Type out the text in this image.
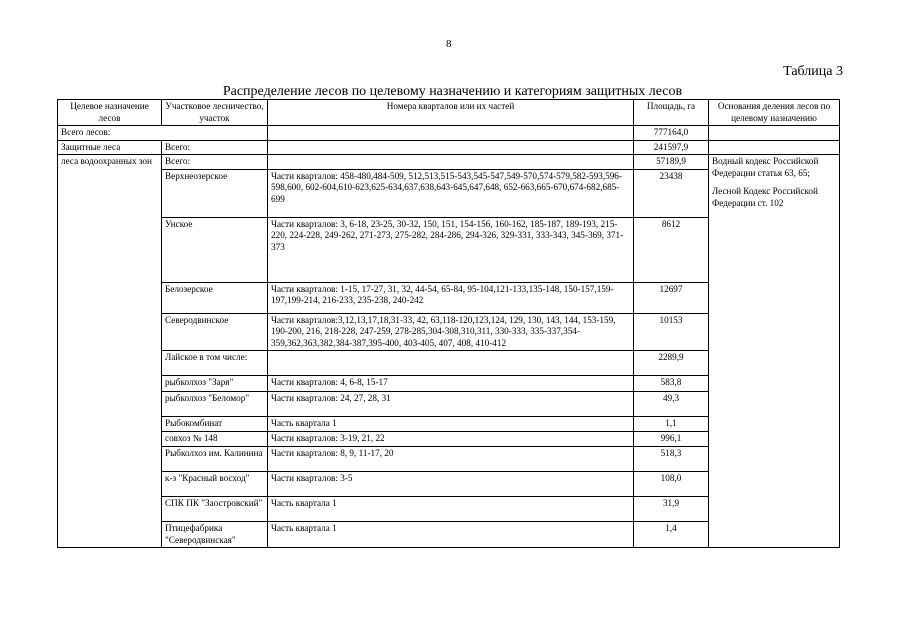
8
Таблица 3
Распределение лесов по целевому назначению и категориям защитных лесов
Целевое назначение лесов	Участковое лесничество, участок	Номера кварталов или их частей	Площадь, га	Основания деления лесов по целевому назначению
Всего лесов:			777164,0	
Защитные леса	Всего:		241597,9	
леса водоохранных зон	Всего:		57189,9	Водный кодекс Российской Федерации статья 63, 65;

Лесной Кодекс Российской Федерации ст. 102

	Верхнеозерское	Части кварталов: 458-480,484-509, 512,513,515-543,545-547,549-570,574-579,582-593,596-598,600, 602-604,610-623,625-634,637,638,643-645,647,648, 652-663,665-670,674-682,685-699	23438	
	Унское	Части кварталов: 3, 6-18, 23-25, 30-32, 150, 151, 154-156, 160-162, 185-187, 189-193, 215-220, 224-228, 249-262, 271-273, 275-282, 284-286, 294-326, 329-331, 333-343, 345-369, 371-373	8612	
	Белозерское	Части кварталов: 1-15, 17-27, 31, 32, 44-54, 65-84, 95-104,121-133,135-148, 150-157,159-197,199-214, 216-233, 235-238, 240-242	12697	
	Северодвинское	Части кварталов:3,12,13,17,18,31-33, 42, 63,118-120,123,124, 129, 130, 143, 144, 153-159, 190-200, 216, 218-228, 247-259, 278-285,304-308,310,311, 330-333, 335-337,354-359,362,363,382,384-387,395-400, 403-405, 407, 408, 410-412	10153	
	Лайское в том числе:		2289,9	
	рыбколхоз "Заря"	Части кварталов: 4, 6-8, 15-17	583,8	
	рыбколхоз "Беломор"	Части кварталов: 24, 27, 28, 31	49,3	
	Рыбокомбинат	Часть квартала 1	1,1	
	совхоз № 148	Части кварталов: 3-19, 21, 22	996,1	
	Рыбколхоз им. Калинина	Части кварталов: 8, 9, 11-17, 20	518,3	
	к-з "Красный восход"	Части кварталов: 3-5	108,0	
	СПК ПК "Заостровский"	Часть квартала 1	31,9	
	Птицефабрика "Северодвинская"	Часть квартала 1	1,4	
